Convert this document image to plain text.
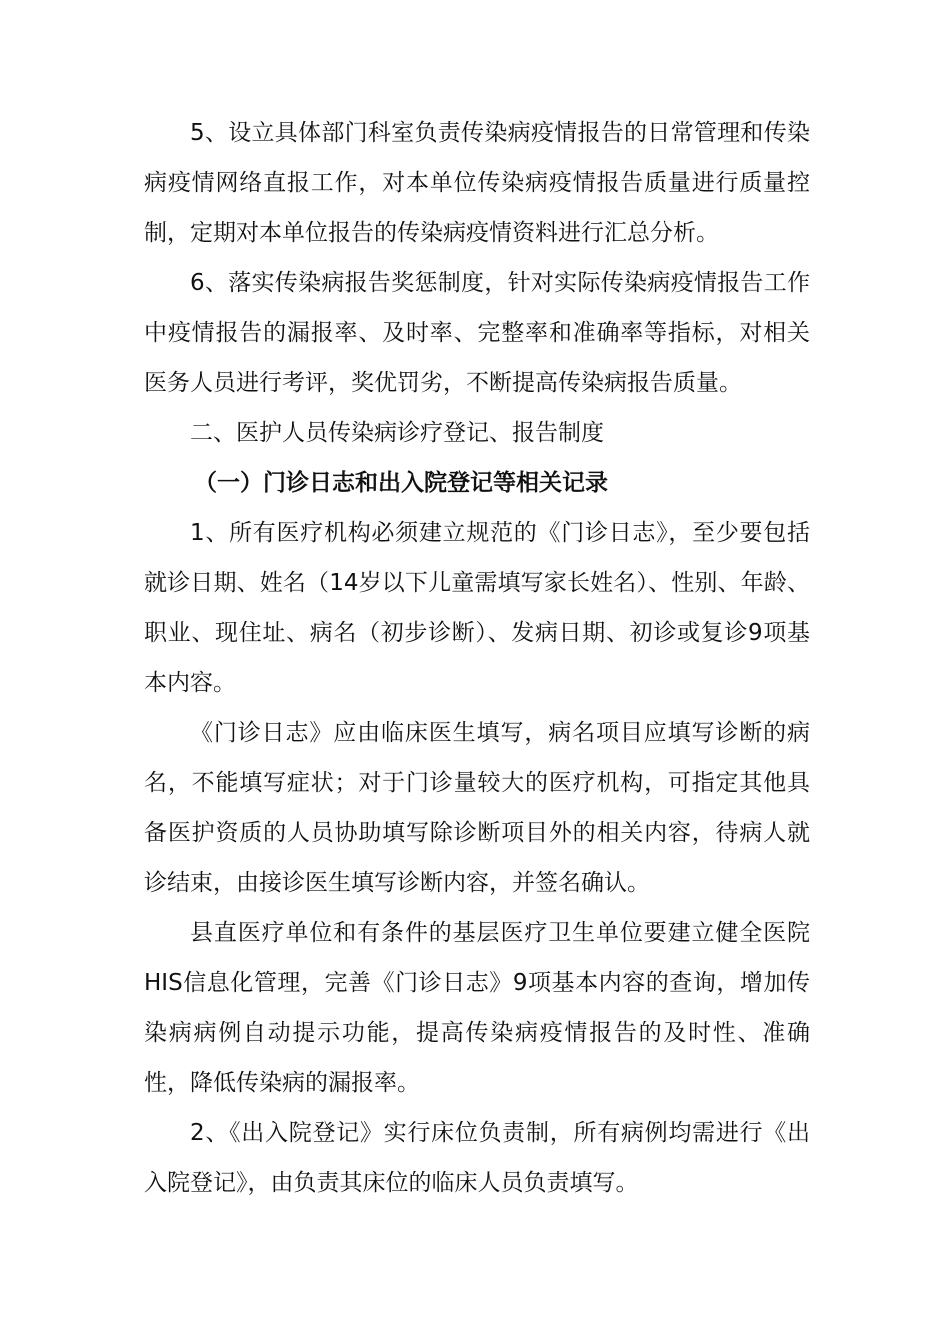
5、设立具体部门科室负责传染病疫情报告的日常管理和传染病疫情网络直报工作，对本单位传染病疫情报告质量进行质量控制，定期对本单位报告的传染病疫情资料进行汇总分析。

6、落实传染病报告奖惩制度，针对实际传染病疫情报告工作中疫情报告的漏报率、及时率、完整率和准确率等指标，对相关医务人员进行考评，奖优罚劣，不断提高传染病报告质量。

二、医护人员传染病诊疗登记、报告制度

（一）门诊日志和出入院登记等相关记录

1、所有医疗机构必须建立规范的《门诊日志》，至少要包括就诊日期、姓名（14岁以下儿童需填写家长姓名）、性别、年龄、职业、现住址、病名（初步诊断）、发病日期、初诊或复诊9项基本内容。

《门诊日志》应由临床医生填写，病名项目应填写诊断的病名，不能填写症状；对于门诊量较大的医疗机构，可指定其他具备医护资质的人员协助填写除诊断项目外的相关内容，待病人就诊结束，由接诊医生填写诊断内容，并签名确认。

县直医疗单位和有条件的基层医疗卫生单位要建立健全医院HIS信息化管理，完善《门诊日志》9项基本内容的查询，增加传染病病例自动提示功能，提高传染病疫情报告的及时性、准确性，降低传染病的漏报率。

2、《出入院登记》实行床位负责制，所有病例均需进行《出入院登记》，由负责其床位的临床人员负责填写。
